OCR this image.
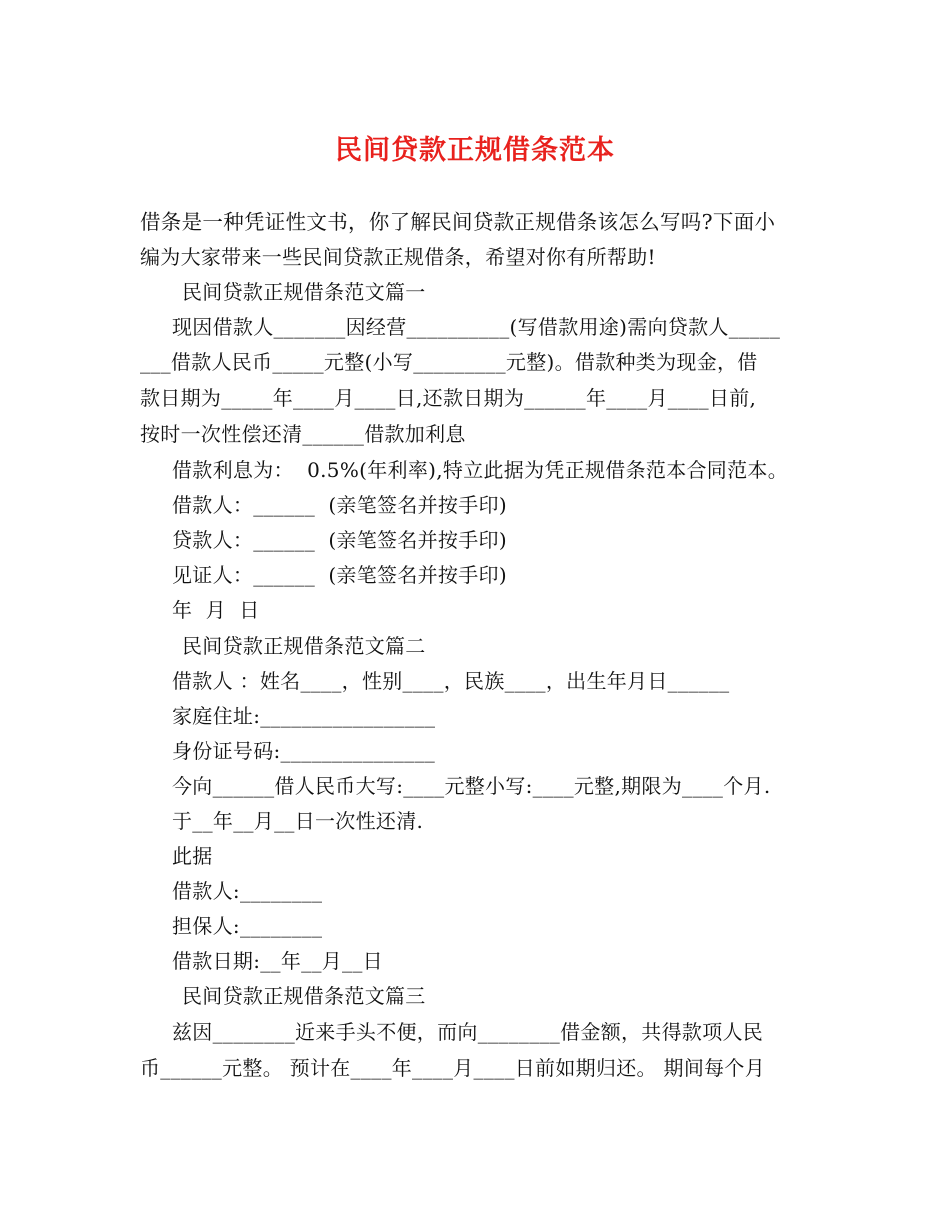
民间贷款正规借条范本
借条是一种凭证性文书，你了解民间贷款正规借条该怎么写吗?下面小
编为大家带来一些民间贷款正规借条，希望对你有所帮助!
民间贷款正规借条范文篇一
现因借款人_______因经营__________(写借款用途)需向贷款人_____
___借款人民币_____元整(小写_________元整)。借款种类为现金，借
款日期为_____年____月____日,还款日期为______年____月____日前,
按时一次性偿还清______借款加利息
借款利息为：  0.5%(年利率),特立此据为凭正规借条范本合同范本。
借款人：______  (亲笔签名并按手印)
贷款人：______  (亲笔签名并按手印)
见证人：______  (亲笔签名并按手印)
年  月  日
民间贷款正规借条范文篇二
借款人 ：姓名____，性别____，民族____，出生年月日______
家庭住址:_________________
身份证号码:_______________
今向______借人民币大写:____元整小写:____元整,期限为____个月.
于__年__月__日一次性还清.
此据
借款人:________
担保人:________
借款日期:__年__月__日
民间贷款正规借条范文篇三
兹因________近来手头不便，而向________借金额，共得款项人民
币______元整。 预计在____年____月____日前如期归还。 期间每个月
